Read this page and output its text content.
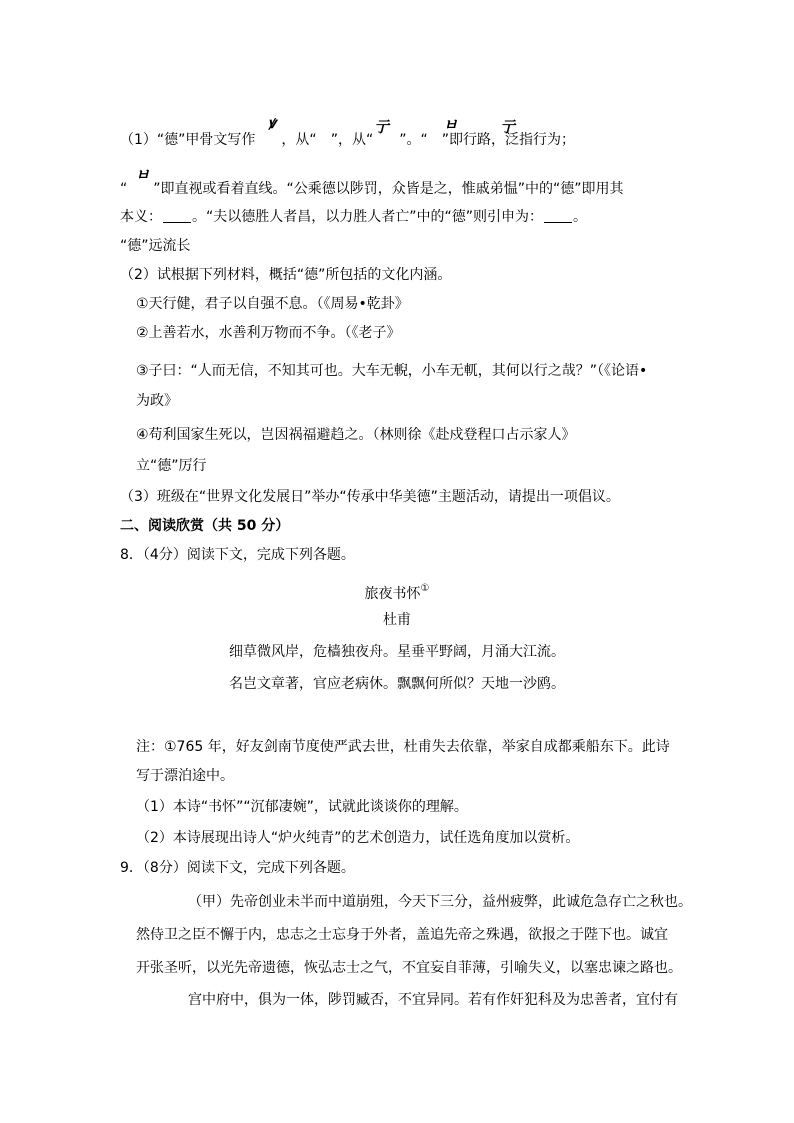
（1）“德”甲骨文写作 ，从“ ”，从“ ”。“ ”即行路，泛指行为；
ꝟ	亍	ㅂ	亍
“ ”即直视或看着直线。“公乘德以陟罚，众皆是之，惟戚弟愠”中的“德”即用其
ㅂ
本义： 。“夫以德胜人者昌，以力胜人者亡”中的“德”则引申为： 。
“德”远流长
（2）试根据下列材料，概括“德”所包括的文化内涵。
①天行健，君子以自强不息。（《周易•乾卦》
②上善若水，水善利万物而不争。（《老子》
③子曰：“人而无信，不知其可也。大车无輗，小车无軏，其何以行之哉？”（《论语•
为政》
④苟利国家生死以，岂因祸福避趋之。（林则徐《赴戍登程口占示家人》
立“德”厉行
（3）班级在“世界文化发展日”举办“传承中华美德”主题活动，请提出一项倡议。
二、阅读欣赏（共 50 分）
8．（4分）阅读下文，完成下列各题。
旅夜书怀①
杜甫
细草微风岸，危樯独夜舟。星垂平野阔，月涌大江流。
名岂文章著，官应老病休。飘飘何所似？天地一沙鸥。
注：①765 年，好友剑南节度使严武去世，杜甫失去依靠，举家自成都乘船东下。此诗
写于漂泊途中。
（1）本诗“书怀”“沉郁凄婉”，试就此谈谈你的理解。
（2）本诗展现出诗人“炉火纯青”的艺术创造力，试任选角度加以赏析。
9．（8分）阅读下文，完成下列各题。
（甲）先帝创业未半而中道崩殂，今天下三分，益州疲弊，此诚危急存亡之秋也。
然侍卫之臣不懈于内，忠志之士忘身于外者，盖追先帝之殊遇，欲报之于陛下也。诚宜
开张圣听，以光先帝遗德，恢弘志士之气，不宜妄自菲薄，引喻失义，以塞忠谏之路也。
宫中府中，俱为一体，陟罚臧否，不宜异同。若有作奸犯科及为忠善者，宜付有
